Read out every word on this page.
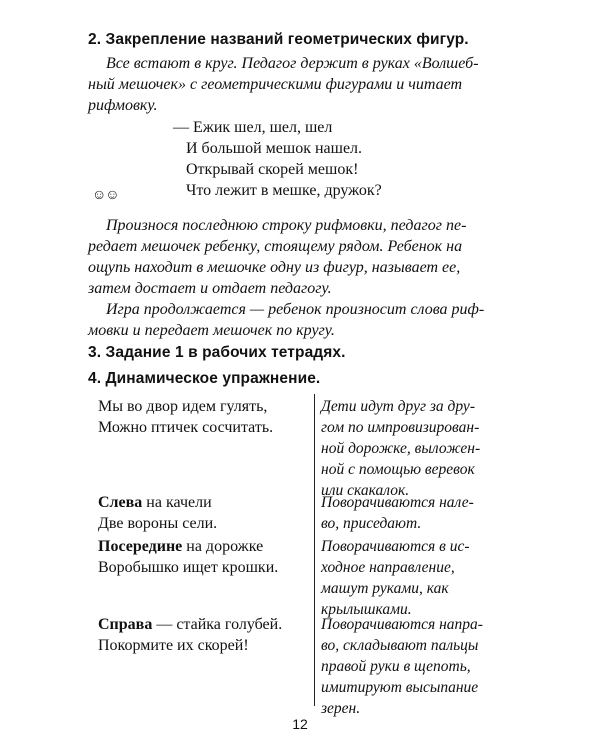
2. Закрепление названий геометрических фигур.
Все встают в круг. Педагог держит в руках «Волшеб-
ный мешочек» с геометрическими фигурами и читает
рифмовку.
— Ежик шел, шел, шел
И большой мешок нашел.
Открывай скорей мешок!
Что лежит в мешке, дружок?
☺☺
Произнося последнюю строку рифмовки, педагог пе-
редает мешочек ребенку, стоящему рядом. Ребенок на
ощупь находит в мешочке одну из фигур, называет ее,
затем достает и отдает педагогу.
Игра продолжается — ребенок произносит слова риф-
мовки и передает мешочек по кругу.
3. Задание 1 в рабочих тетрадях.
4. Динамическое упражнение.
Мы во двор идем гулять,
Можно птичек сосчитать.
Дети идут друг за дру-
гом по импровизирован-
ной дорожке, выложен-
ной с помощью веревок
или скакалок.
Слева на качели
Две вороны сели.
Поворачиваются нале-
во, приседают.
Посередине на дорожке
Воробышко ищет крошки.
Поворачиваются в ис-
ходное направление,
машут руками, как
крылышками.
Справа — стайка голубей.
Покормите их скорей!
Поворачиваются напра-
во, складывают пальцы
правой руки в щепоть,
имитируют высыпание
зерен.
12
